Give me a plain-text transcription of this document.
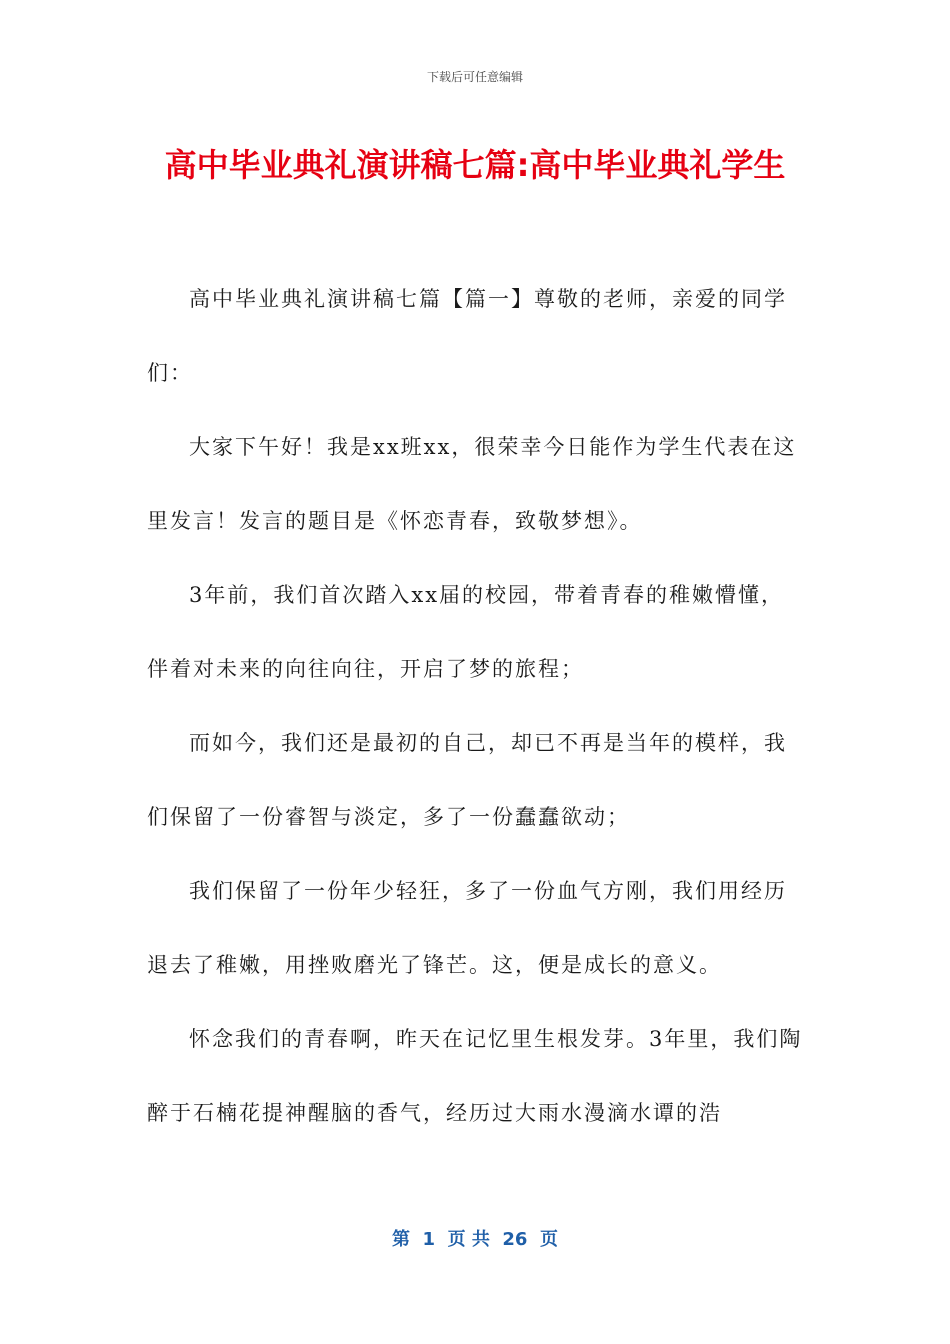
下载后可任意编辑
高中毕业典礼演讲稿七篇:高中毕业典礼学生

高中毕业典礼演讲稿七篇【篇一】尊敬的老师，亲爱的同学们：

大家下午好！我是xx班xx，很荣幸今日能作为学生代表在这里发言！发言的题目是《怀恋青春，致敬梦想》。

3年前，我们首次踏入xx届的校园，带着青春的稚嫩懵懂，伴着对未来的向往向往，开启了梦的旅程；

而如今，我们还是最初的自己，却已不再是当年的模样，我们保留了一份睿智与淡定，多了一份蠢蠢欲动；

我们保留了一份年少轻狂，多了一份血气方刚，我们用经历退去了稚嫩，用挫败磨光了锋芒。这，便是成长的意义。

怀念我们的青春啊，昨天在记忆里生根发芽。3年里，我们陶醉于石楠花提神醒脑的香气，经历过大雨水漫滴水谭的浩

第  1  页 共  26  页
